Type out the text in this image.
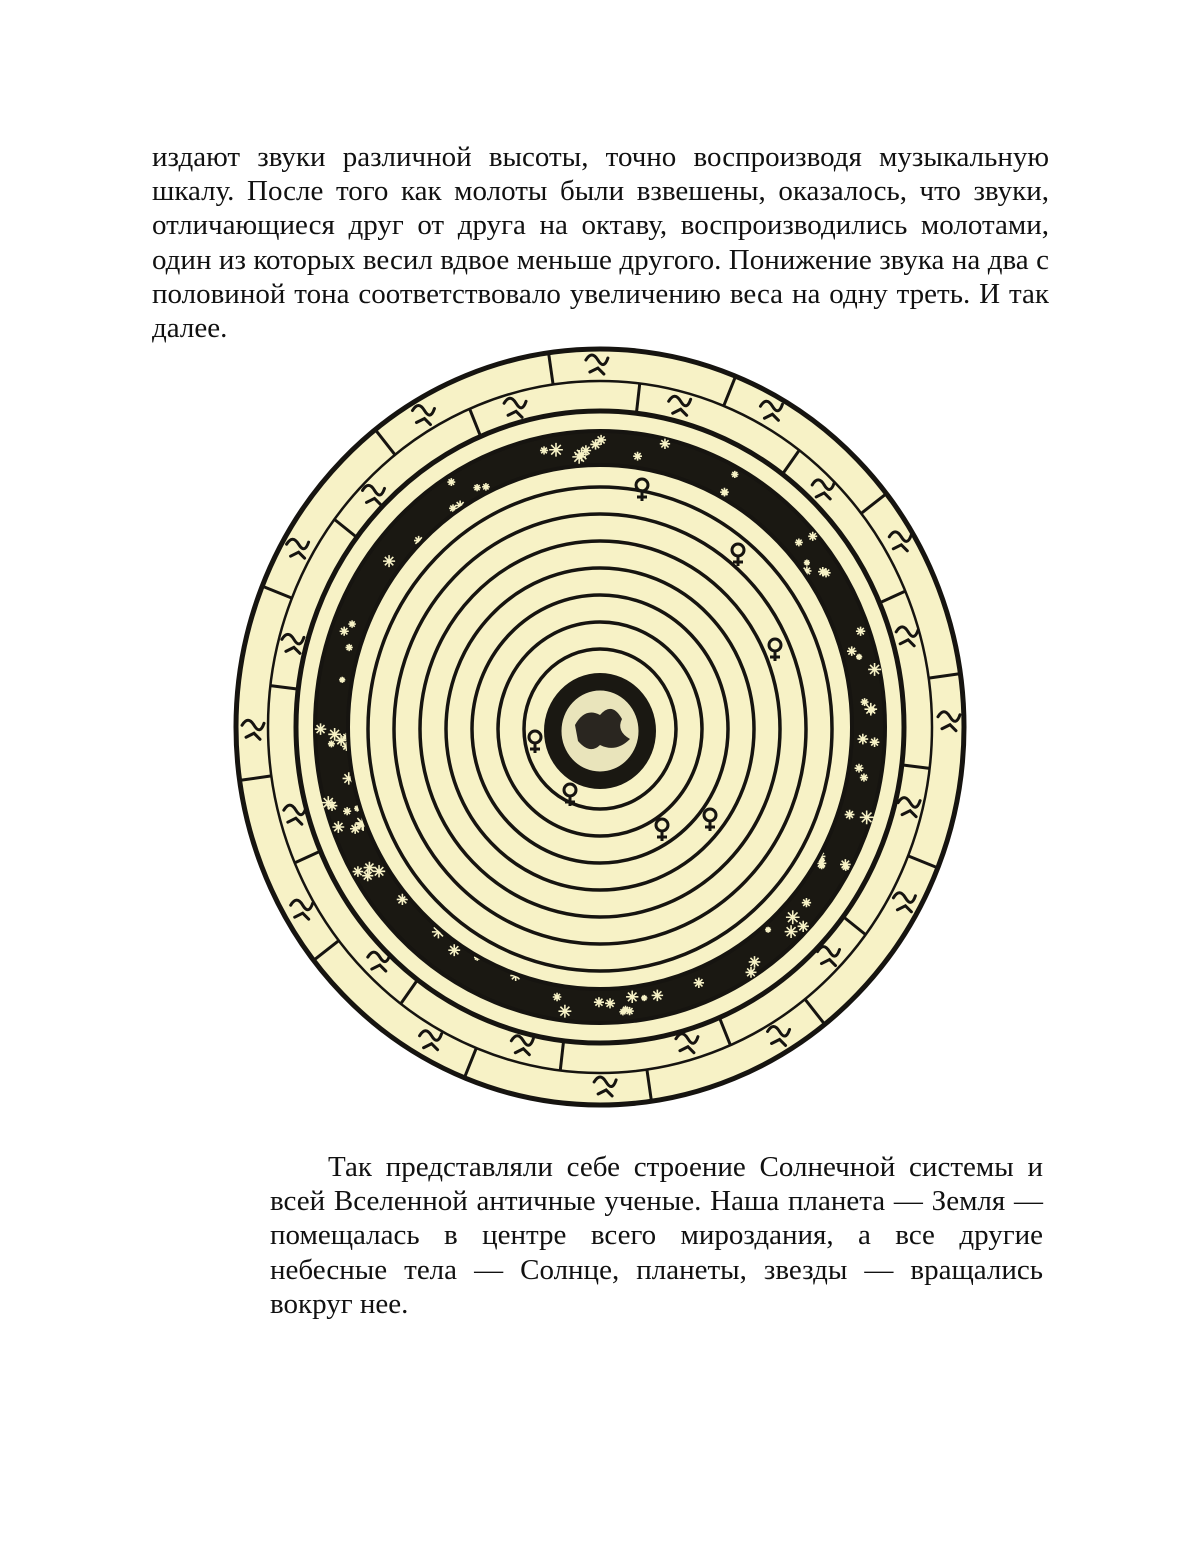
издают звуки различной высоты, точно воспроизводя музыкальную шкалу. После того как молоты были взвешены, оказалось, что звуки, отличающиеся друг от друга на октаву, воспроизводились молотами, один из которых весил вдвое меньше другого. Понижение звука на два с половиной тона соответствовало увеличению веса на одну треть. И так далее.

Так представляли себе строение Солнечной системы и всей Вселенной античные ученые. Наша планета — Земля — помещалась в центре всего мироздания, а все другие небесные тела — Солнце, планеты, звезды — вращались вокруг нее.
